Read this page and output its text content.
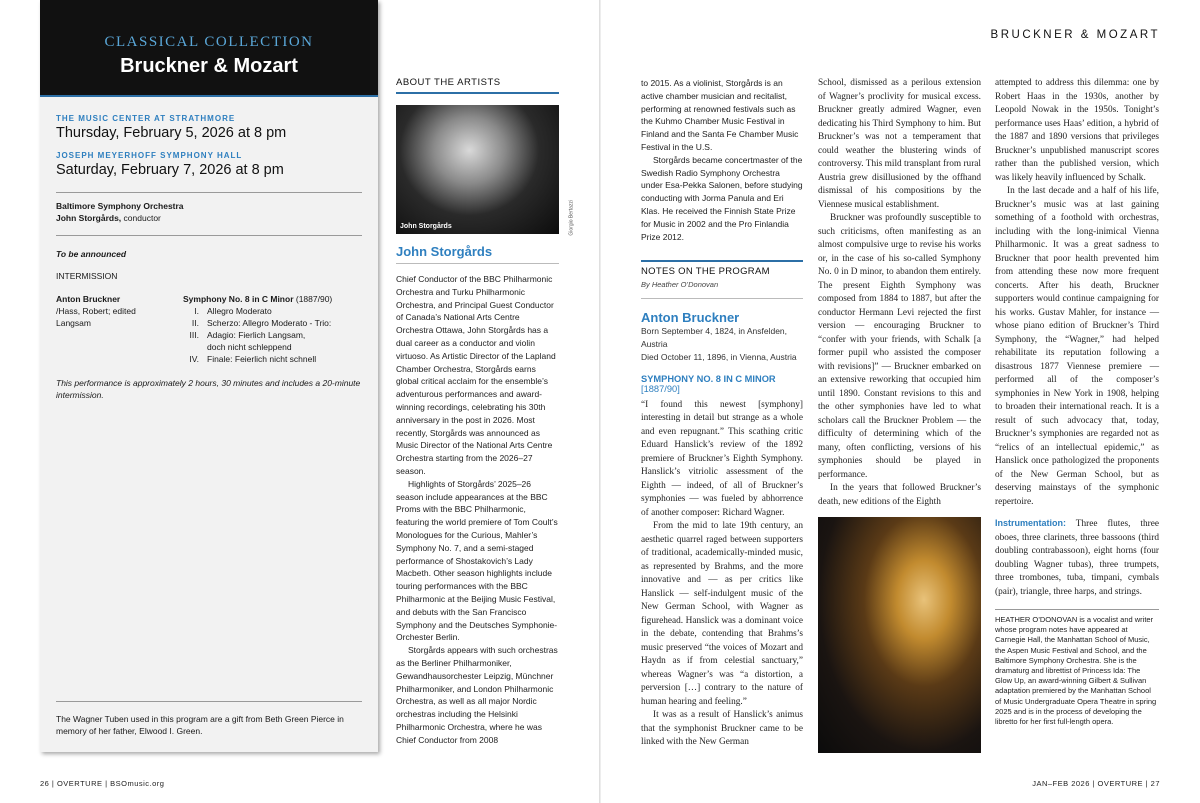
CLASSICAL COLLECTION
Bruckner & Mozart
THE MUSIC CENTER AT STRATHMORE
Thursday, February 5, 2026 at 8 pm
JOSEPH MEYERHOFF SYMPHONY HALL
Saturday, February 7, 2026 at 8 pm
Baltimore Symphony Orchestra
John Storgårds, conductor
To be announced
INTERMISSION
Anton Bruckner
/Hass, Robert; edited
Langsam
Symphony No. 8 in C Minor (1887/90)
I. Allegro Moderato
II. Scherzo: Allegro Moderato - Trio:
III. Adagio: Fierlich Langsam,
doch nicht schleppend
IV. Finale: Feierlich nicht schnell
This performance is approximately 2 hours, 30 minutes and includes a 20-minute intermission.
The Wagner Tuben used in this program are a gift from Beth Green Pierce in memory of her father, Elwood I. Green.
ABOUT THE ARTISTS
John Storgårds	Giorgio Bertazzi
John Storgårds

Chief Conductor of the BBC Philharmonic Orchestra and Turku Philharmonic Orchestra, and Principal Guest Conductor of Canada’s National Arts Centre Orchestra Ottawa, John Storgårds has a dual career as a conductor and violin virtuoso. As Artistic Director of the Lapland Chamber Orchestra, Storgårds earns global critical acclaim for the ensemble’s adventurous performances and award-winning recordings, celebrating his 30th anniversary in the post in 2026. Most recently, Storgårds was announced as Music Director of the National Arts Centre Orchestra starting from the 2026–27 season.

Highlights of Storgårds’ 2025–26 season include appearances at the BBC Proms with the BBC Philharmonic, featuring the world premiere of Tom Coult’s Monologues for the Curious, Mahler’s Symphony No. 7, and a semi-staged performance of Shostakovich’s Lady Macbeth. Other season highlights include touring performances with the BBC Philharmonic at the Beijing Music Festival, and debuts with the San Francisco Symphony and the Deutsches Symphonie-Orchester Berlin.

Storgårds appears with such orchestras as the Berliner Philharmoniker, Gewandhausorchester Leipzig, Münchner Philharmoniker, and London Philharmonic Orchestra, as well as all major Nordic orchestras including the Helsinki Philharmonic Orchestra, where he was Chief Conductor from 2008

BRUCKNER & MOZART

to 2015. As a violinist, Storgårds is an active chamber musician and recitalist, performing at renowned festivals such as the Kuhmo Chamber Music Festival in Finland and the Santa Fe Chamber Music Festival in the U.S.

Storgårds became concertmaster of the Swedish Radio Symphony Orchestra under Esa-Pekka Salonen, before studying conducting with Jorma Panula and Eri Klas. He received the Finnish State Prize for Music in 2002 and the Pro Finlandia Prize 2012.

NOTES ON THE PROGRAM
By Heather O’Donovan
Anton Bruckner
Born September 4, 1824, in Ansfelden, Austria
Died October 11, 1896, in Vienna, Austria
SYMPHONY NO. 8 IN C MINOR
[1887/90]

“I found this newest [symphony] interesting in detail but strange as a whole and even repugnant.” This scathing critic Eduard Hanslick’s review of the 1892 premiere of Bruckner’s Eighth Symphony. Hanslick’s vitriolic assessment of the Eighth — indeed, of all of Bruckner’s symphonies — was fueled by abhorrence of another composer: Richard Wagner.

From the mid to late 19th century, an aesthetic quarrel raged between supporters of traditional, academically-minded music, as represented by Brahms, and the more innovative and — as per critics like Hanslick — self-indulgent music of the New German School, with Wagner as figurehead. Hanslick was a dominant voice in the debate, contending that Brahms’s music preserved “the voices of Mozart and Haydn as if from celestial sanctuary,” whereas Wagner’s was “a distortion, a perversion […] contrary to the nature of human hearing and feeling.”

It was as a result of Hanslick’s animus that the symphonist Bruckner came to be linked with the New German

School, dismissed as a perilous extension of Wagner’s proclivity for musical excess. Bruckner greatly admired Wagner, even dedicating his Third Symphony to him. But Bruckner’s was not a temperament that could weather the blustering winds of controversy. This mild transplant from rural Austria grew disillusioned by the offhand dismissal of his compositions by the Viennese musical establishment.

Bruckner was profoundly susceptible to such criticisms, often manifesting as an almost compulsive urge to revise his works or, in the case of his so-called Symphony No. 0 in D minor, to abandon them entirely. The present Eighth Symphony was composed from 1884 to 1887, but after the conductor Hermann Levi rejected the first version — encouraging Bruckner to “confer with your friends, with Schalk [a former pupil who assisted the composer with revisions]” — Bruckner embarked on an extensive reworking that occupied him until 1890. Constant revisions to this and the other symphonies have led to what scholars call the Bruckner Problem — the difficulty of determining which of the many, often conflicting, versions of his symphonies should be played in performance.

In the years that followed Bruckner’s death, new editions of the Eighth

attempted to address this dilemma: one by Robert Haas in the 1930s, another by Leopold Nowak in the 1950s. Tonight’s performance uses Haas’ edition, a hybrid of the 1887 and 1890 versions that privileges Bruckner’s unpublished manuscript scores rather than the published version, which was likely heavily influenced by Schalk.

In the last decade and a half of his life, Bruckner’s music was at last gaining something of a foothold with orchestras, including with the long-inimical Vienna Philharmonic. It was a great sadness to Bruckner that poor health prevented him from attending these now more frequent concerts. After his death, Bruckner supporters would continue campaigning for his works. Gustav Mahler, for instance — whose piano edition of Bruckner’s Third Symphony, the “Wagner,” had helped rehabilitate its reputation following a disastrous 1877 Viennese premiere — performed all of the composer’s symphonies in New York in 1908, helping to broaden their international reach. It is a result of such advocacy that, today, Bruckner’s symphonies are regarded not as “relics of an intellectual epidemic,” as Hanslick once pathologized the proponents of the New German School, but as deserving mainstays of the symphonic repertoire.

Instrumentation: Three flutes, three oboes, three clarinets, three bassoons (third doubling contrabassoon), eight horns (four doubling Wagner tubas), three trumpets, three trombones, tuba, timpani, cymbals (pair), triangle, three harps, and strings.

HEATHER O’DONOVAN is a vocalist and writer whose program notes have appeared at Carnegie Hall, the Manhattan School of Music, the Aspen Music Festival and School, and the Baltimore Symphony Orchestra. She is the dramaturg and librettist of Princess Ida: The Glow Up, an award-winning Gilbert & Sullivan adaptation premiered by the Manhattan School of Music Undergraduate Opera Theatre in spring 2025 and is in the process of developing the libretto for her first full-length opera.
26 | OVERTURE | BSOmusic.org	JAN–FEB 2026 | OVERTURE | 27
